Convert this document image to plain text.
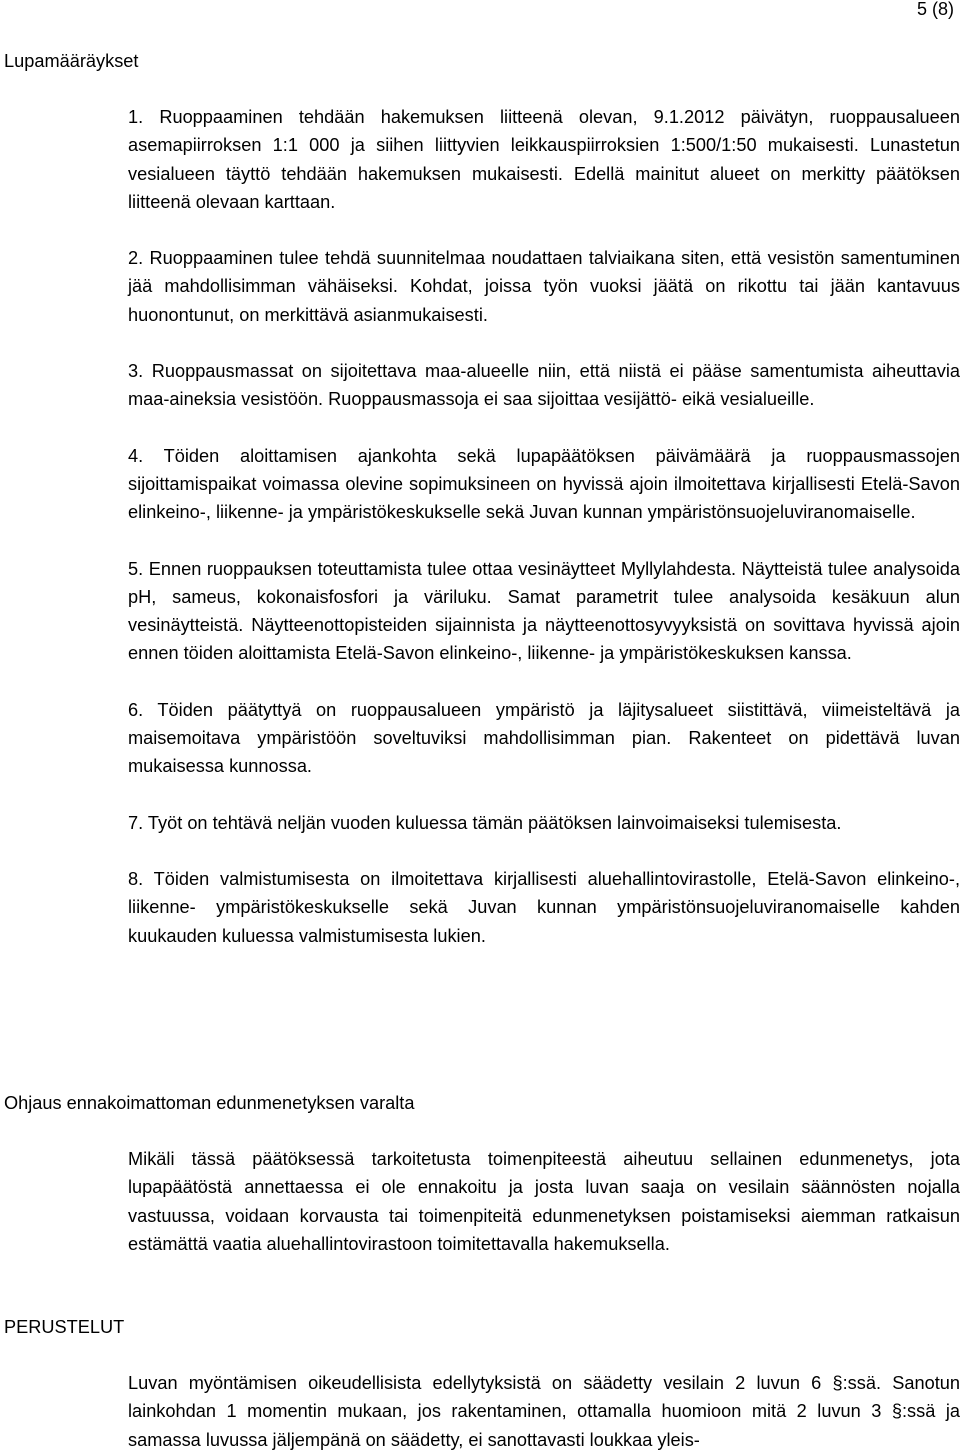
5 (8)
Lupamääräykset

1. Ruoppaaminen tehdään hakemuksen liitteenä olevan, 9.1.2012 päivätyn, ruoppausalueen asemapiirroksen 1:1 000 ja siihen liittyvien leikkauspiirroksien 1:500/1:50 mukaisesti. Lunastetun vesialueen täyttö tehdään hakemuksen mukaisesti. Edellä mainitut alueet on merkitty päätöksen liitteenä olevaan karttaan.

2. Ruoppaaminen tulee tehdä suunnitelmaa noudattaen talviaikana siten, että vesistön samentuminen jää mahdollisimman vähäiseksi. Kohdat, joissa työn vuoksi jäätä on rikottu tai jään kantavuus huonontunut, on merkittävä asianmukaisesti.

3. Ruoppausmassat on sijoitettava maa-alueelle niin, että niistä ei pääse samentumista aiheuttavia maa-aineksia vesistöön. Ruoppausmassoja ei saa sijoittaa vesijättö- eikä vesialueille.

4. Töiden aloittamisen ajankohta sekä lupapäätöksen päivämäärä ja ruoppausmassojen sijoittamispaikat voimassa olevine sopimuksineen on hyvissä ajoin ilmoitettava kirjallisesti Etelä-Savon elinkeino-, liikenne- ja ympäristökeskukselle sekä Juvan kunnan ympäristönsuojeluviranomaiselle.

5. Ennen ruoppauksen toteuttamista tulee ottaa vesinäytteet Myllylahdesta. Näytteistä tulee analysoida pH, sameus, kokonaisfosfori ja väriluku. Samat parametrit tulee analysoida kesäkuun alun vesinäytteistä. Näytteenottopisteiden sijainnista ja näytteenottosyvyyksistä on sovittava hyvissä ajoin ennen töiden aloittamista Etelä-Savon elinkeino-, liikenne- ja ympäristökeskuksen kanssa.

6. Töiden päätyttyä on ruoppausalueen ympäristö ja läjitysalueet siistittävä, viimeisteltävä ja maisemoitava ympäristöön soveltuviksi mahdollisimman pian. Rakenteet on pidettävä luvan mukaisessa kunnossa.

7. Työt on tehtävä neljän vuoden kuluessa tämän päätöksen lainvoimaiseksi tulemisesta.

8. Töiden valmistumisesta on ilmoitettava kirjallisesti aluehallintovirastolle, Etelä-Savon elinkeino-, liikenne- ympäristökeskukselle sekä Juvan kunnan ympäristönsuojeluviranomaiselle kahden kuukauden kuluessa valmistumisesta lukien.

Ohjaus ennakoimattoman edunmenetyksen varalta

Mikäli tässä päätöksessä tarkoitetusta toimenpiteestä aiheutuu sellainen edunmenetys, jota lupapäätöstä annettaessa ei ole ennakoitu ja josta luvan saaja on vesilain säännösten nojalla vastuussa, voidaan korvausta tai toimenpiteitä edunmenetyksen poistamiseksi aiemman ratkaisun estämättä vaatia aluehallintovirastoon toimitettavalla hakemuksella.

PERUSTELUT

Luvan myöntämisen oikeudellisista edellytyksistä on säädetty vesilain 2 luvun 6 §:ssä. Sanotun lainkohdan 1 momentin mukaan, jos rakentaminen, ottamalla huomioon mitä 2 luvun 3 §:ssä ja samassa luvussa jäljempänä on säädetty, ei sanottavasti loukkaa yleis-
